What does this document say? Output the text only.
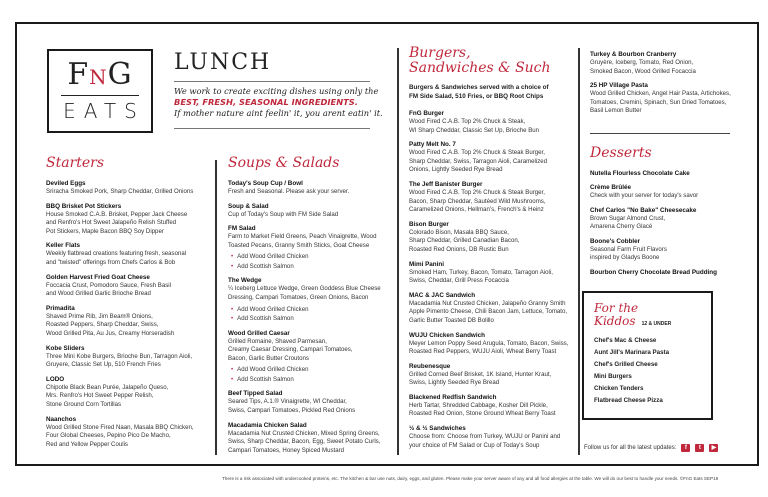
FNG
EATS
LUNCH
We work to create exciting dishes using only the
BEST, FRESH, SEASONAL INGREDIENTS.
If mother nature aint feelin' it, you arent eatin' it.
Starters
Deviled Eggs
Sriracha Smoked Pork, Sharp Cheddar, Grilled Onions
BBQ Brisket Pot Stickers
House Smoked C.A.B. Brisket, Pepper Jack Cheese
and Renfro's Hot Sweet Jalapeño Relish Stuffed
Pot Stickers, Maple Bacon BBQ Soy Dipper
Keller Flats
Weekly flatbread creations featuring fresh, seasonal
and "twisted" offerings from Chefs Carlos & Bob
Golden Harvest Fried Goat Cheese
Foccacia Crust, Pomodoro Sauce, Fresh Basil
and Wood Grilled Garlic Brioche Bread
Primadita
Shaved Prime Rib, Jim Beam® Onions,
Roasted Peppers, Sharp Cheddar, Swiss,
Wood Grilled Pita, Au Jus, Creamy Horseradish
Kobe Sliders
Three Mini Kobe Burgers, Brioche Bun, Tarragon Aioli,
Gruyere, Classic Set Up, 510 French Fries
LODO
Chipotle Black Bean Purée, Jalapeño Queso,
Mrs. Renfro's Hot Sweet Pepper Relish,
Stone Ground Corn Tortillas
Naanchos
Wood Grilled Stone Fired Naan, Masala BBQ Chicken,
Four Global Cheeses, Pepino Pico De Macho,
Red and Yellow Pepper Coulis
Soups & Salads
Today's Soup Cup / Bowl
Fresh and Seasonal. Please ask your server.
Soup & Salad
Cup of Today's Soup with FM Side Salad
FM Salad
Farm to Market Field Greens, Peach Vinaigrette, Wood
Toasted Pecans, Granny Smith Sticks, Goat Cheese
• Add Wood Grilled Chicken
• Add Scottish Salmon
The Wedge
¼ Iceberg Lettuce Wedge, Green Goddess Blue Cheese
Dressing, Campari Tomatoes, Green Onions, Bacon
• Add Wood Grilled Chicken
• Add Scottish Salmon
Wood Grilled Caesar
Grilled Romaine, Shaved Parmesan,
Creamy Caesar Dressing, Campari Tomatoes,
Bacon, Garlic Butter Croutons
• Add Wood Grilled Chicken
• Add Scottish Salmon
Beef Tipped Salad
Seared Tips, A.1.® Vinaigrette, WI Cheddar,
Swiss, Campari Tomatoes, Pickled Red Onions
Macadamia Chicken Salad
Macadamia Nut Crusted Chicken, Mixed Spring Greens,
Swiss, Sharp Cheddar, Bacon, Egg, Sweet Potato Curls,
Campari Tomatoes, Honey Spiced Mustard
Burgers,
Sandwiches & Such
Burgers & Sandwiches served with a choice of
FM Side Salad, 510 Fries, or BBQ Root Chips
FnG Burger
Wood Fired C.A.B. Top 2% Chuck & Steak,
WI Sharp Cheddar, Classic Set Up, Brioche Bun
Patty Melt No. 7
Wood Fired C.A.B. Top 2% Chuck & Steak Burger,
Sharp Cheddar, Swiss, Tarragon Aioli, Caramelized
Onions, Lightly Seeded Rye Bread
The Jeff Banister Burger
Wood Fired C.A.B. Top 2% Chuck & Steak Burger,
Bacon, Sharp Cheddar, Sautéed Wild Mushrooms,
Caramelized Onions, Hellman's, French's & Heinz
Bison Burger
Colorado Bison, Masala BBQ Sauce,
Sharp Cheddar, Grilled Canadian Bacon,
Roasted Red Onions, DB Rustic Bun
Mimi Panini
Smoked Ham, Turkey, Bacon, Tomato, Tarragon Aioli,
Swiss, Cheddar, Grill Press Focaccia
MAC & JAC Sandwich
Macadamia Nut Crusted Chicken, Jalapeño Granny Smith
Apple Pimento Cheese, Chili Bacon Jam, Lettuce, Tomato,
Garlic Butter Toasted DB Bolillo
WUJU Chicken Sandwich
Meyer Lemon Poppy Seed Arugula, Tomato, Bacon, Swiss,
Roasted Red Peppers, WUJU Aioli, Wheat Berry Toast
Reubenesque
Grilled Corned Beef Brisket, 1K Island, Hunter Kraut,
Swiss, Lightly Seeded Rye Bread
Blackened Redfish Sandwich
Herb Tartar, Shredded Cabbage, Kosher Dill Pickle,
Roasted Red Onion, Stone Ground Wheat Berry Toast
½ & ½ Sandwiches
Choose from: Choose from Turkey, WUJU or Panini and
your choice of FM Salad or Cup of Today's Soup
Turkey & Bourbon Cranberry
Gruyère, Iceberg, Tomato, Red Onion,
Smoked Bacon, Wood Grilled Focaccia
25 HP Village Pasta
Wood Grilled Chicken, Angel Hair Pasta, Artichokes,
Tomatoes, Cremini, Spinach, Sun Dried Tomatoes,
Basil Lemon Butter
Desserts
Nutella Flourless Chocolate Cake
Crème Brûlée
Check with your server for today's savor
Chef Carlos "No Bake" Cheesecake
Brown Sugar Almond Crust,
Amarena Cherry Glacé
Boone's Cobbler
Seasonal Farm Fruit Flavors
inspired by Gladys Boone
Bourbon Cherry Chocolate Bread Pudding
For the
Kiddos 12 & UNDER
Chef's Mac & Cheese
Aunt Jill's Marinara Pasta
Chef's Grilled Cheese
Mini Burgers
Chicken Tenders
Flatbread Cheese Pizza
Follow us for all the latest updates:	f	t	▶
There is a risk associated with undercooked proteins, etc. The kitchen & bar use nuts, dairy, eggs, and gluten. Please make your server aware of any and all food allergies at the table. We will do our best to handle your needs. ©FnG Eats SEP18
